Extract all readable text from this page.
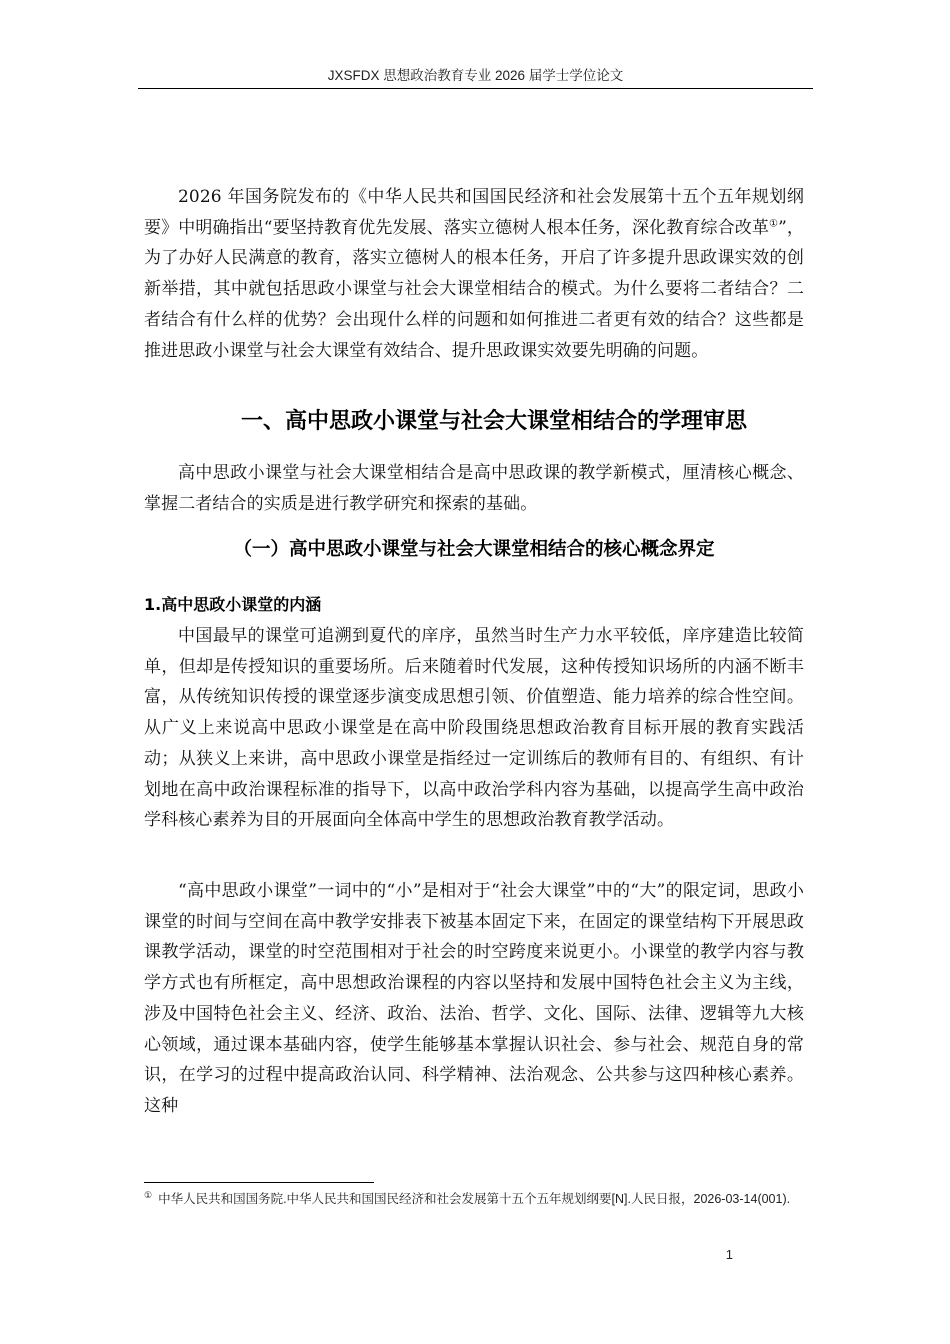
JXSFDX 思想政治教育专业 2026 届学士学位论文

2026 年国务院发布的《中华人民共和国国民经济和社会发展第十五个五年规划纲要》中明确指出“要坚持教育优先发展、落实立德树人根本任务，深化教育综合改革①”，为了办好人民满意的教育，落实立德树人的根本任务，开启了许多提升思政课实效的创新举措，其中就包括思政小课堂与社会大课堂相结合的模式。为什么要将二者结合？二者结合有什么样的优势？会出现什么样的问题和如何推进二者更有效的结合？这些都是推进思政小课堂与社会大课堂有效结合、提升思政课实效要先明确的问题。

一、高中思政小课堂与社会大课堂相结合的学理审思

高中思政小课堂与社会大课堂相结合是高中思政课的教学新模式，厘清核心概念、掌握二者结合的实质是进行教学研究和探索的基础。

（一）高中思政小课堂与社会大课堂相结合的核心概念界定
1.高中思政小课堂的内涵

中国最早的课堂可追溯到夏代的庠序，虽然当时生产力水平较低，庠序建造比较简单，但却是传授知识的重要场所。后来随着时代发展，这种传授知识场所的内涵不断丰富，从传统知识传授的课堂逐步演变成思想引领、价值塑造、能力培养的综合性空间。从广义上来说高中思政小课堂是在高中阶段围绕思想政治教育目标开展的教育实践活动；从狭义上来讲，高中思政小课堂是指经过一定训练后的教师有目的、有组织、有计划地在高中政治课程标准的指导下，以高中政治学科内容为基础，以提高学生高中政治学科核心素养为目的开展面向全体高中学生的思想政治教育教学活动。

“高中思政小课堂”一词中的“小”是相对于“社会大课堂”中的“大”的限定词，思政小课堂的时间与空间在高中教学安排表下被基本固定下来，在固定的课堂结构下开展思政课教学活动，课堂的时空范围相对于社会的时空跨度来说更小。小课堂的教学内容与教学方式也有所框定，高中思想政治课程的内容以坚持和发展中国特色社会主义为主线，涉及中国特色社会主义、经济、政治、法治、哲学、文化、国际、法律、逻辑等九大核心领域，通过课本基础内容，使学生能够基本掌握认识社会、参与社会、规范自身的常识，在学习的过程中提高政治认同、科学精神、法治观念、公共参与这四种核心素养。这种

① 中华人民共和国国务院.中华人民共和国国民经济和社会发展第十五个五年规划纲要[N].人民日报，2026-03-14(001).
1
